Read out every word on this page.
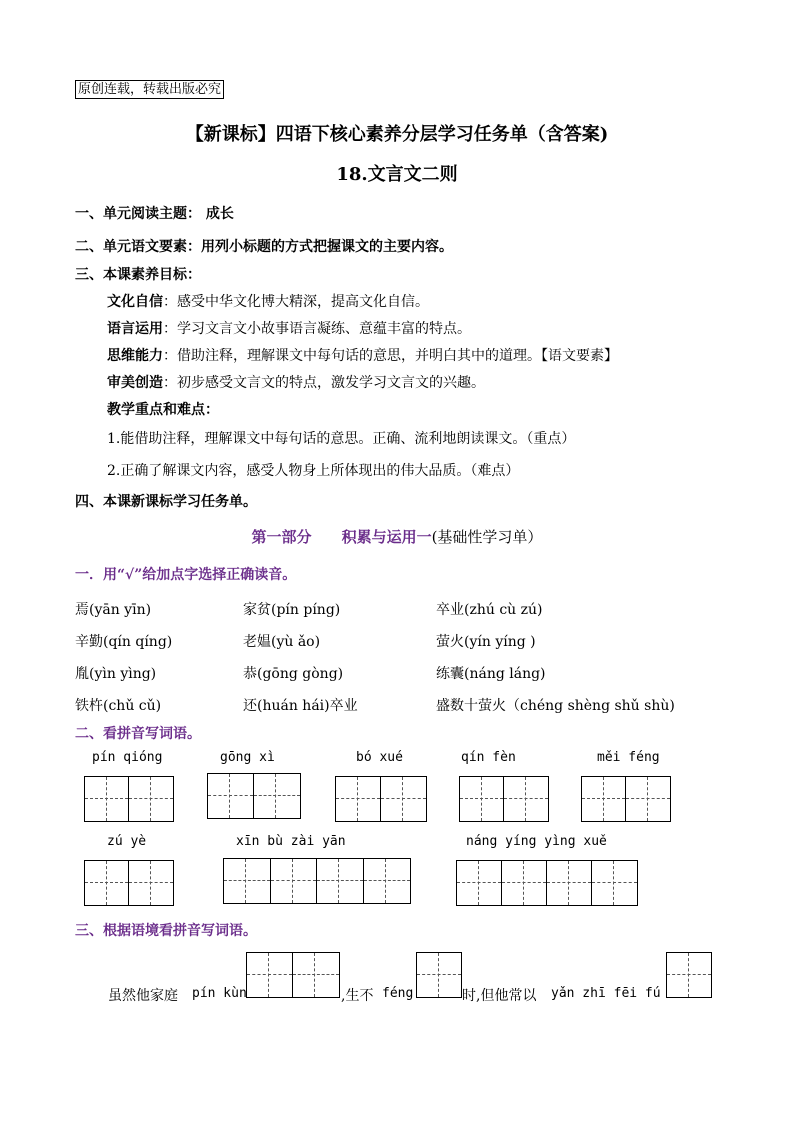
原创连载，转载出版必究
【新课标】四语下核心素养分层学习任务单（含答案)
18.文言文二则
一、单元阅读主题： 成长
二、单元语文要素：用列小标题的方式把握课文的主要内容。
三、本课素养目标：
文化自信：感受中华文化博大精深，提高文化自信。
语言运用：学习文言文小故事语言凝练、意蕴丰富的特点。
思维能力：借助注释，理解课文中每句话的意思，并明白其中的道理。【语文要素】
审美创造：初步感受文言文的特点，激发学习文言文的兴趣。
教学重点和难点：
1.能借助注释，理解课文中每句话的意思。正确、流利地朗读课文。（重点）
2.正确了解课文内容，感受人物身上所体现出的伟大品质。（难点）
四、本课新课标学习任务单。
第一部分 积累与运用一(基础性学习单）
一．用“√”给加点字选择正确读音。
焉(yān yīn)	家贫(pín píng)	卒业(zhú cù zú)
辛勤(qín qíng)	老媪(yù ǎo)	萤火(yín yíng )
胤(yìn yìng)	恭(gōng gòng)	练囊(náng láng)
铁杵(chǔ cǔ)	还(huán hái)卒业	盛数十萤火（chéng shèng shǔ shù)
二、看拼音写词语。
pín qióng	gōng xì	bó xué	qín fèn	měi féng
zú yè	xīn bù zài yān	náng yíng yìng xuě
三、根据语境看拼音写词语。
虽然他家庭 pín kùn	,生不 féng	时,但他常以 yǎn zhī fēi fú
